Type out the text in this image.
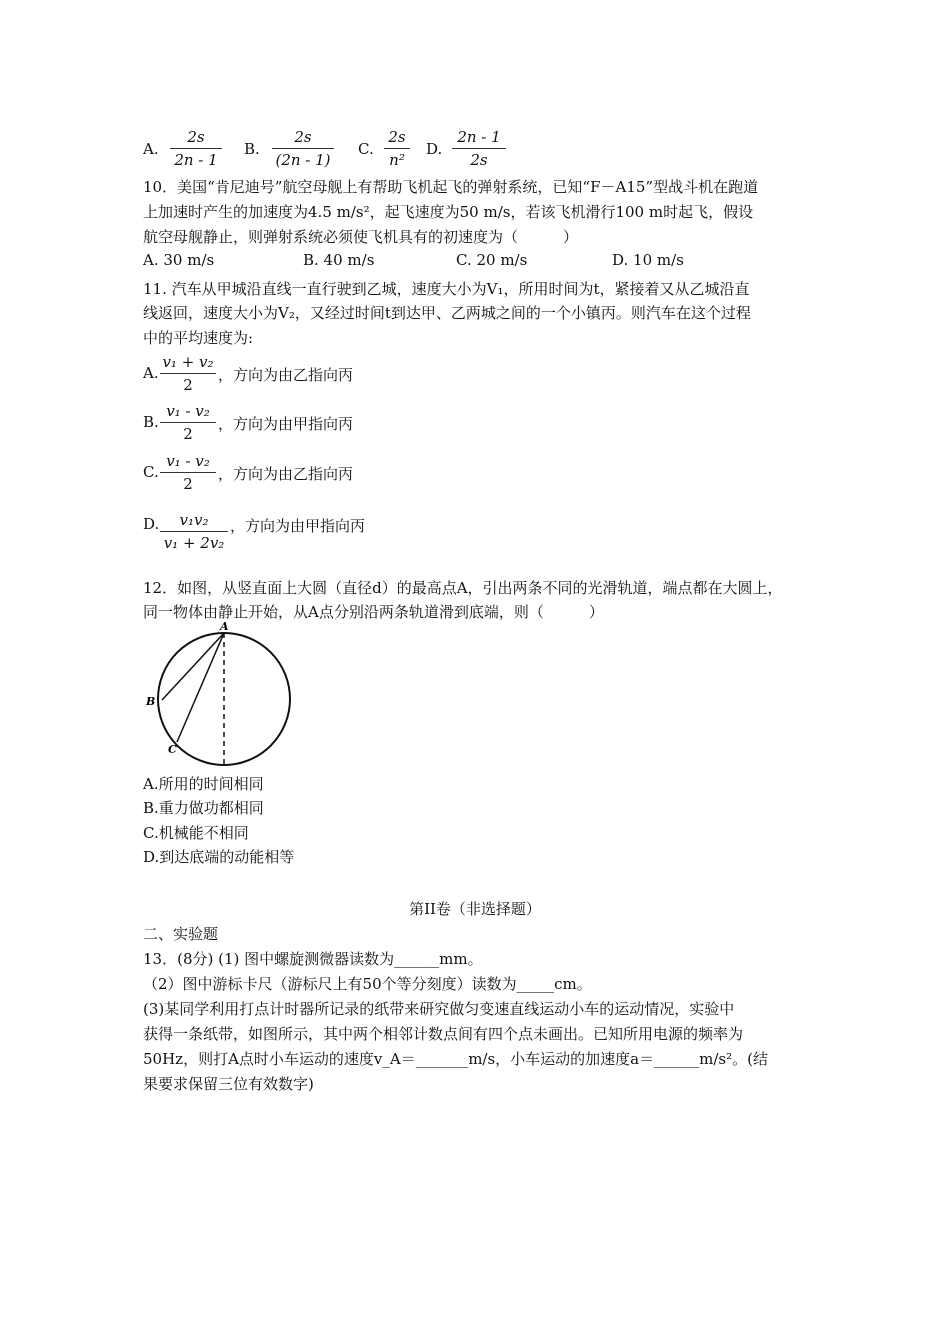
A.
2s
2n - 1
B.
2s
(2n - 1)
C.
2s
n²
D.
2n - 1
2s
10．美国“肯尼迪号”航空母舰上有帮助飞机起飞的弹射系统，已知“F－A15”型战斗机在跑道
上加速时产生的加速度为4.5 m/s²，起飞速度为50 m/s，若该飞机滑行100 m时起飞，假设
航空母舰静止，则弹射系统必须使飞机具有的初速度为（　　　）
A. 30 m/s	B. 40 m/s	C. 20 m/s	D. 10 m/s
11. 汽车从甲城沿直线一直行驶到乙城，速度大小为V₁，所用时间为t，紧接着又从乙城沿直
线返回，速度大小为V₂，又经过时间t到达甲、乙两城之间的一个小镇丙。则汽车在这个过程
中的平均速度为:
A.
v₁ + v₂
2
，方向为由乙指向丙
B.
v₁ - v₂
2
，方向为由甲指向丙
C.
v₁ - v₂
2
，方向为由乙指向丙
D.	v₁v₂
v₁ + 2v₂
，方向为由甲指向丙
12．如图，从竖直面上大圆（直径d）的最高点A，引出两条不同的光滑轨道，端点都在大圆上，
同一物体由静止开始，从A点分别沿两条轨道滑到底端，则（　　　）
A
B
C
A.所用的时间相同
B.重力做功都相同
C.机械能不相同
D.到达底端的动能相等
第II卷（非选择题）
二、实验题
13．(8分) (1) 图中螺旋测微器读数为______mm。
（2）图中游标卡尺（游标尺上有50个等分刻度）读数为_____cm。
(3)某同学利用打点计时器所记录的纸带来研究做匀变速直线运动小车的运动情况，实验中
获得一条纸带，如图所示，其中两个相邻计数点间有四个点未画出。已知所用电源的频率为
50Hz，则打A点时小车运动的速度v_A＝_______m/s，小车运动的加速度a＝______m/s²。(结
果要求保留三位有效数字)
